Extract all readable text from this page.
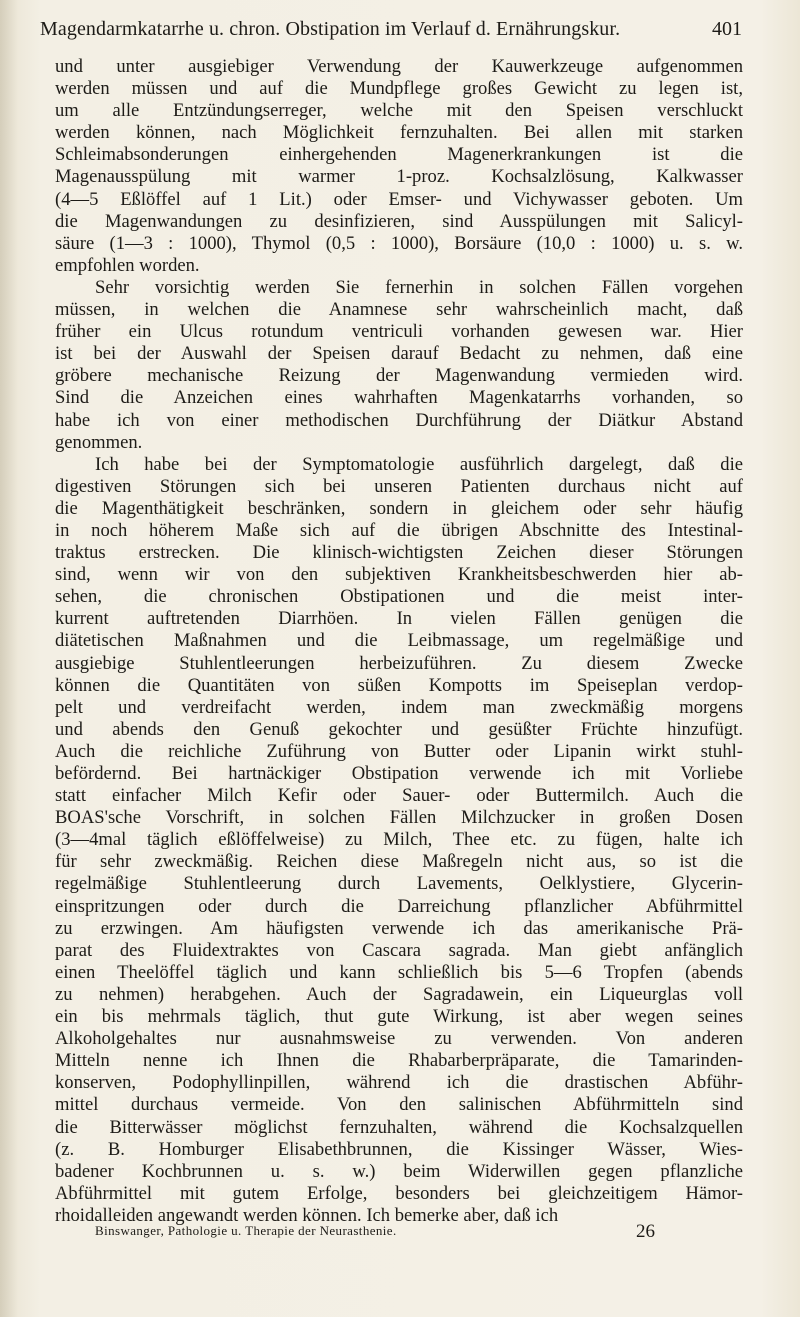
Magendarmkatarrhe u. chron. Obstipation im Verlauf d. Ernährungskur.	401
und unter ausgiebiger Verwendung der Kauwerkzeuge aufgenommen
werden müssen und auf die Mundpflege großes Gewicht zu legen ist,
um alle Entzündungserreger, welche mit den Speisen verschluckt
werden können, nach Möglichkeit fernzuhalten. Bei allen mit starken
Schleimabsonderungen einhergehenden Magenerkrankungen ist die
Magenausspülung mit warmer 1-proz. Kochsalzlösung, Kalkwasser
(4—5 Eßlöffel auf 1 Lit.) oder Emser- und Vichywasser geboten. Um
die Magenwandungen zu desinfizieren, sind Ausspülungen mit Salicyl-
säure (1—3 : 1000), Thymol (0,5 : 1000), Borsäure (10,0 : 1000) u. s. w.
empfohlen worden.
Sehr vorsichtig werden Sie fernerhin in solchen Fällen vorgehen
müssen, in welchen die Anamnese sehr wahrscheinlich macht, daß
früher ein Ulcus rotundum ventriculi vorhanden gewesen war. Hier
ist bei der Auswahl der Speisen darauf Bedacht zu nehmen, daß eine
gröbere mechanische Reizung der Magenwandung vermieden wird.
Sind die Anzeichen eines wahrhaften Magenkatarrhs vorhanden, so
habe ich von einer methodischen Durchführung der Diätkur Abstand
genommen.
Ich habe bei der Symptomatologie ausführlich dargelegt, daß die
digestiven Störungen sich bei unseren Patienten durchaus nicht auf
die Magenthätigkeit beschränken, sondern in gleichem oder sehr häufig
in noch höherem Maße sich auf die übrigen Abschnitte des Intestinal-
traktus erstrecken. Die klinisch-wichtigsten Zeichen dieser Störungen
sind, wenn wir von den subjektiven Krankheitsbeschwerden hier ab-
sehen, die chronischen Obstipationen und die meist inter-
kurrent auftretenden Diarrhöen. In vielen Fällen genügen die
diätetischen Maßnahmen und die Leibmassage, um regelmäßige und
ausgiebige Stuhlentleerungen herbeizuführen. Zu diesem Zwecke
können die Quantitäten von süßen Kompotts im Speiseplan verdop-
pelt und verdreifacht werden, indem man zweckmäßig morgens
und abends den Genuß gekochter und gesüßter Früchte hinzufügt.
Auch die reichliche Zuführung von Butter oder Lipanin wirkt stuhl-
befördernd. Bei hartnäckiger Obstipation verwende ich mit Vorliebe
statt einfacher Milch Kefir oder Sauer- oder Buttermilch. Auch die
BOAS'sche Vorschrift, in solchen Fällen Milchzucker in großen Dosen
(3—4mal täglich eßlöffelweise) zu Milch, Thee etc. zu fügen, halte ich
für sehr zweckmäßig. Reichen diese Maßregeln nicht aus, so ist die
regelmäßige Stuhlentleerung durch Lavements, Oelklystiere, Glycerin-
einspritzungen oder durch die Darreichung pflanzlicher Abführmittel
zu erzwingen. Am häufigsten verwende ich das amerikanische Prä-
parat des Fluidextraktes von Cascara sagrada. Man giebt anfänglich
einen Theelöffel täglich und kann schließlich bis 5—6 Tropfen (abends
zu nehmen) herabgehen. Auch der Sagradawein, ein Liqueurglas voll
ein bis mehrmals täglich, thut gute Wirkung, ist aber wegen seines
Alkoholgehaltes nur ausnahmsweise zu verwenden. Von anderen
Mitteln nenne ich Ihnen die Rhabarberpräparate, die Tamarinden-
konserven, Podophyllinpillen, während ich die drastischen Abführ-
mittel durchaus vermeide. Von den salinischen Abführmitteln sind
die Bitterwässer möglichst fernzuhalten, während die Kochsalzquellen
(z. B. Homburger Elisabethbrunnen, die Kissinger Wässer, Wies-
badener Kochbrunnen u. s. w.) beim Widerwillen gegen pflanzliche
Abführmittel mit gutem Erfolge, besonders bei gleichzeitigem Hämor-
rhoidalleiden angewandt werden können. Ich bemerke aber, daß ich
Binswanger, Pathologie u. Therapie der Neurasthenie.	26
